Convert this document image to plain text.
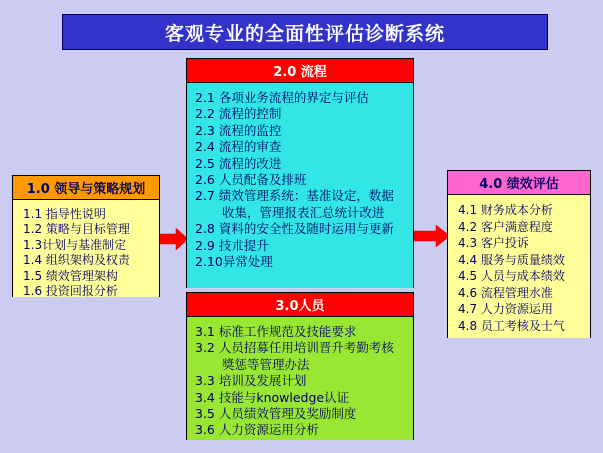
客观专业的全面性评估诊断系统
1.0 领导与策略规划
1.1 指导性说明
1.2 策略与目标管理
1.3计划与基准制定
1.4 组织架构及权责
1.5 绩效管理架构
1.6 投资回报分析
2.0 流程
2.1 各项业务流程的界定与评估
2.2 流程的控制
2.3 流程的监控
2.4 流程的审查
2.5 流程的改进
2.6 人员配备及排班
2.7 绩效管理系统：基准设定，数据
收集，管理报表汇总统计改进
2.8 資料的安全性及随时运用与更新
2.9 技朮提升
2.10异常处理
3.0人员
3.1 标准工作规范及技能要求
3.2 人员招募任用培训晋升考勤考核
獎惩等管理办法
3.3 培训及发展计划
3.4 技能与knowledge认证
3.5 人员绩效管理及奖励制度
3.6 人力资源运用分析
4.0 绩效评估
4.1 财务成本分析
4.2 客户满意程度
4.3 客户投诉
4.4 服务与质量绩效
4.5 人员与成本绩效
4.6 流程管理水准
4.7 人力资源运用
4.8 员工考核及士气
